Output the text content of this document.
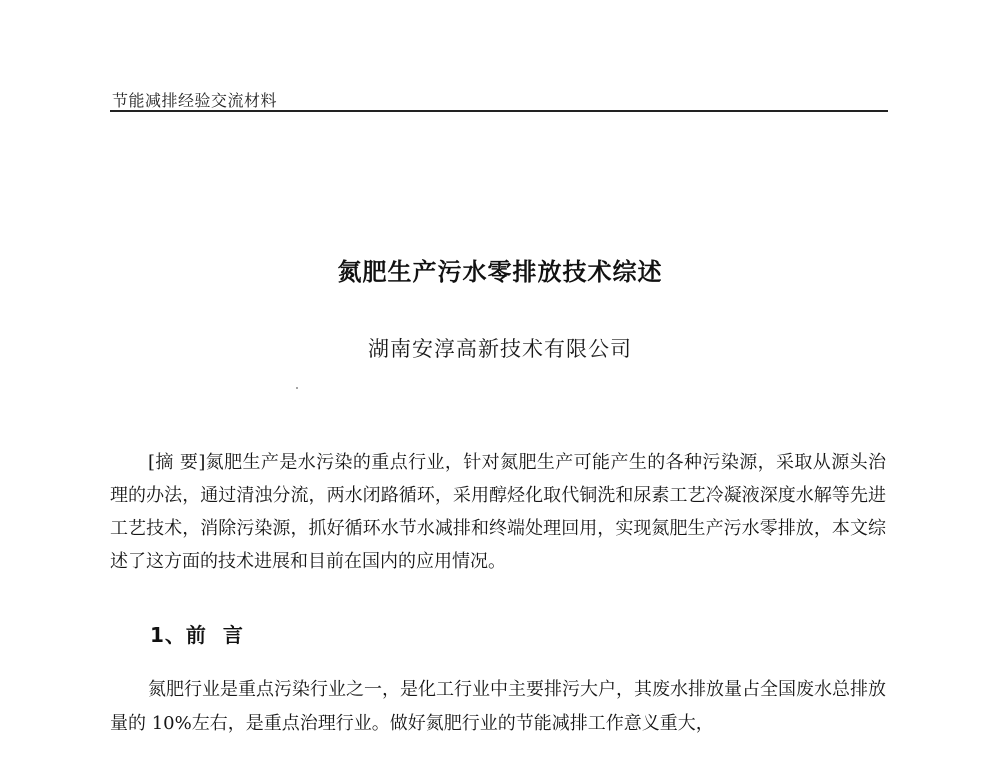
节能减排经验交流材料
氮肥生产污水零排放技术综述
湖南安淳高新技术有限公司

[摘 要]氮肥生产是水污染的重点行业，针对氮肥生产可能产生的各种污染源，采取从源头治理的办法，通过清浊分流，两水闭路循环，采用醇烃化取代铜洗和尿素工艺冷凝液深度水解等先进工艺技术，消除污染源，抓好循环水节水减排和终端处理回用，实现氮肥生产污水零排放，本文综述了这方面的技术进展和目前在国内的应用情况。

1、前  言

氮肥行业是重点污染行业之一，是化工行业中主要排污大户，其废水排放量占全国废水总排放量的 10%左右，是重点治理行业。做好氮肥行业的节能减排工作意义重大，
